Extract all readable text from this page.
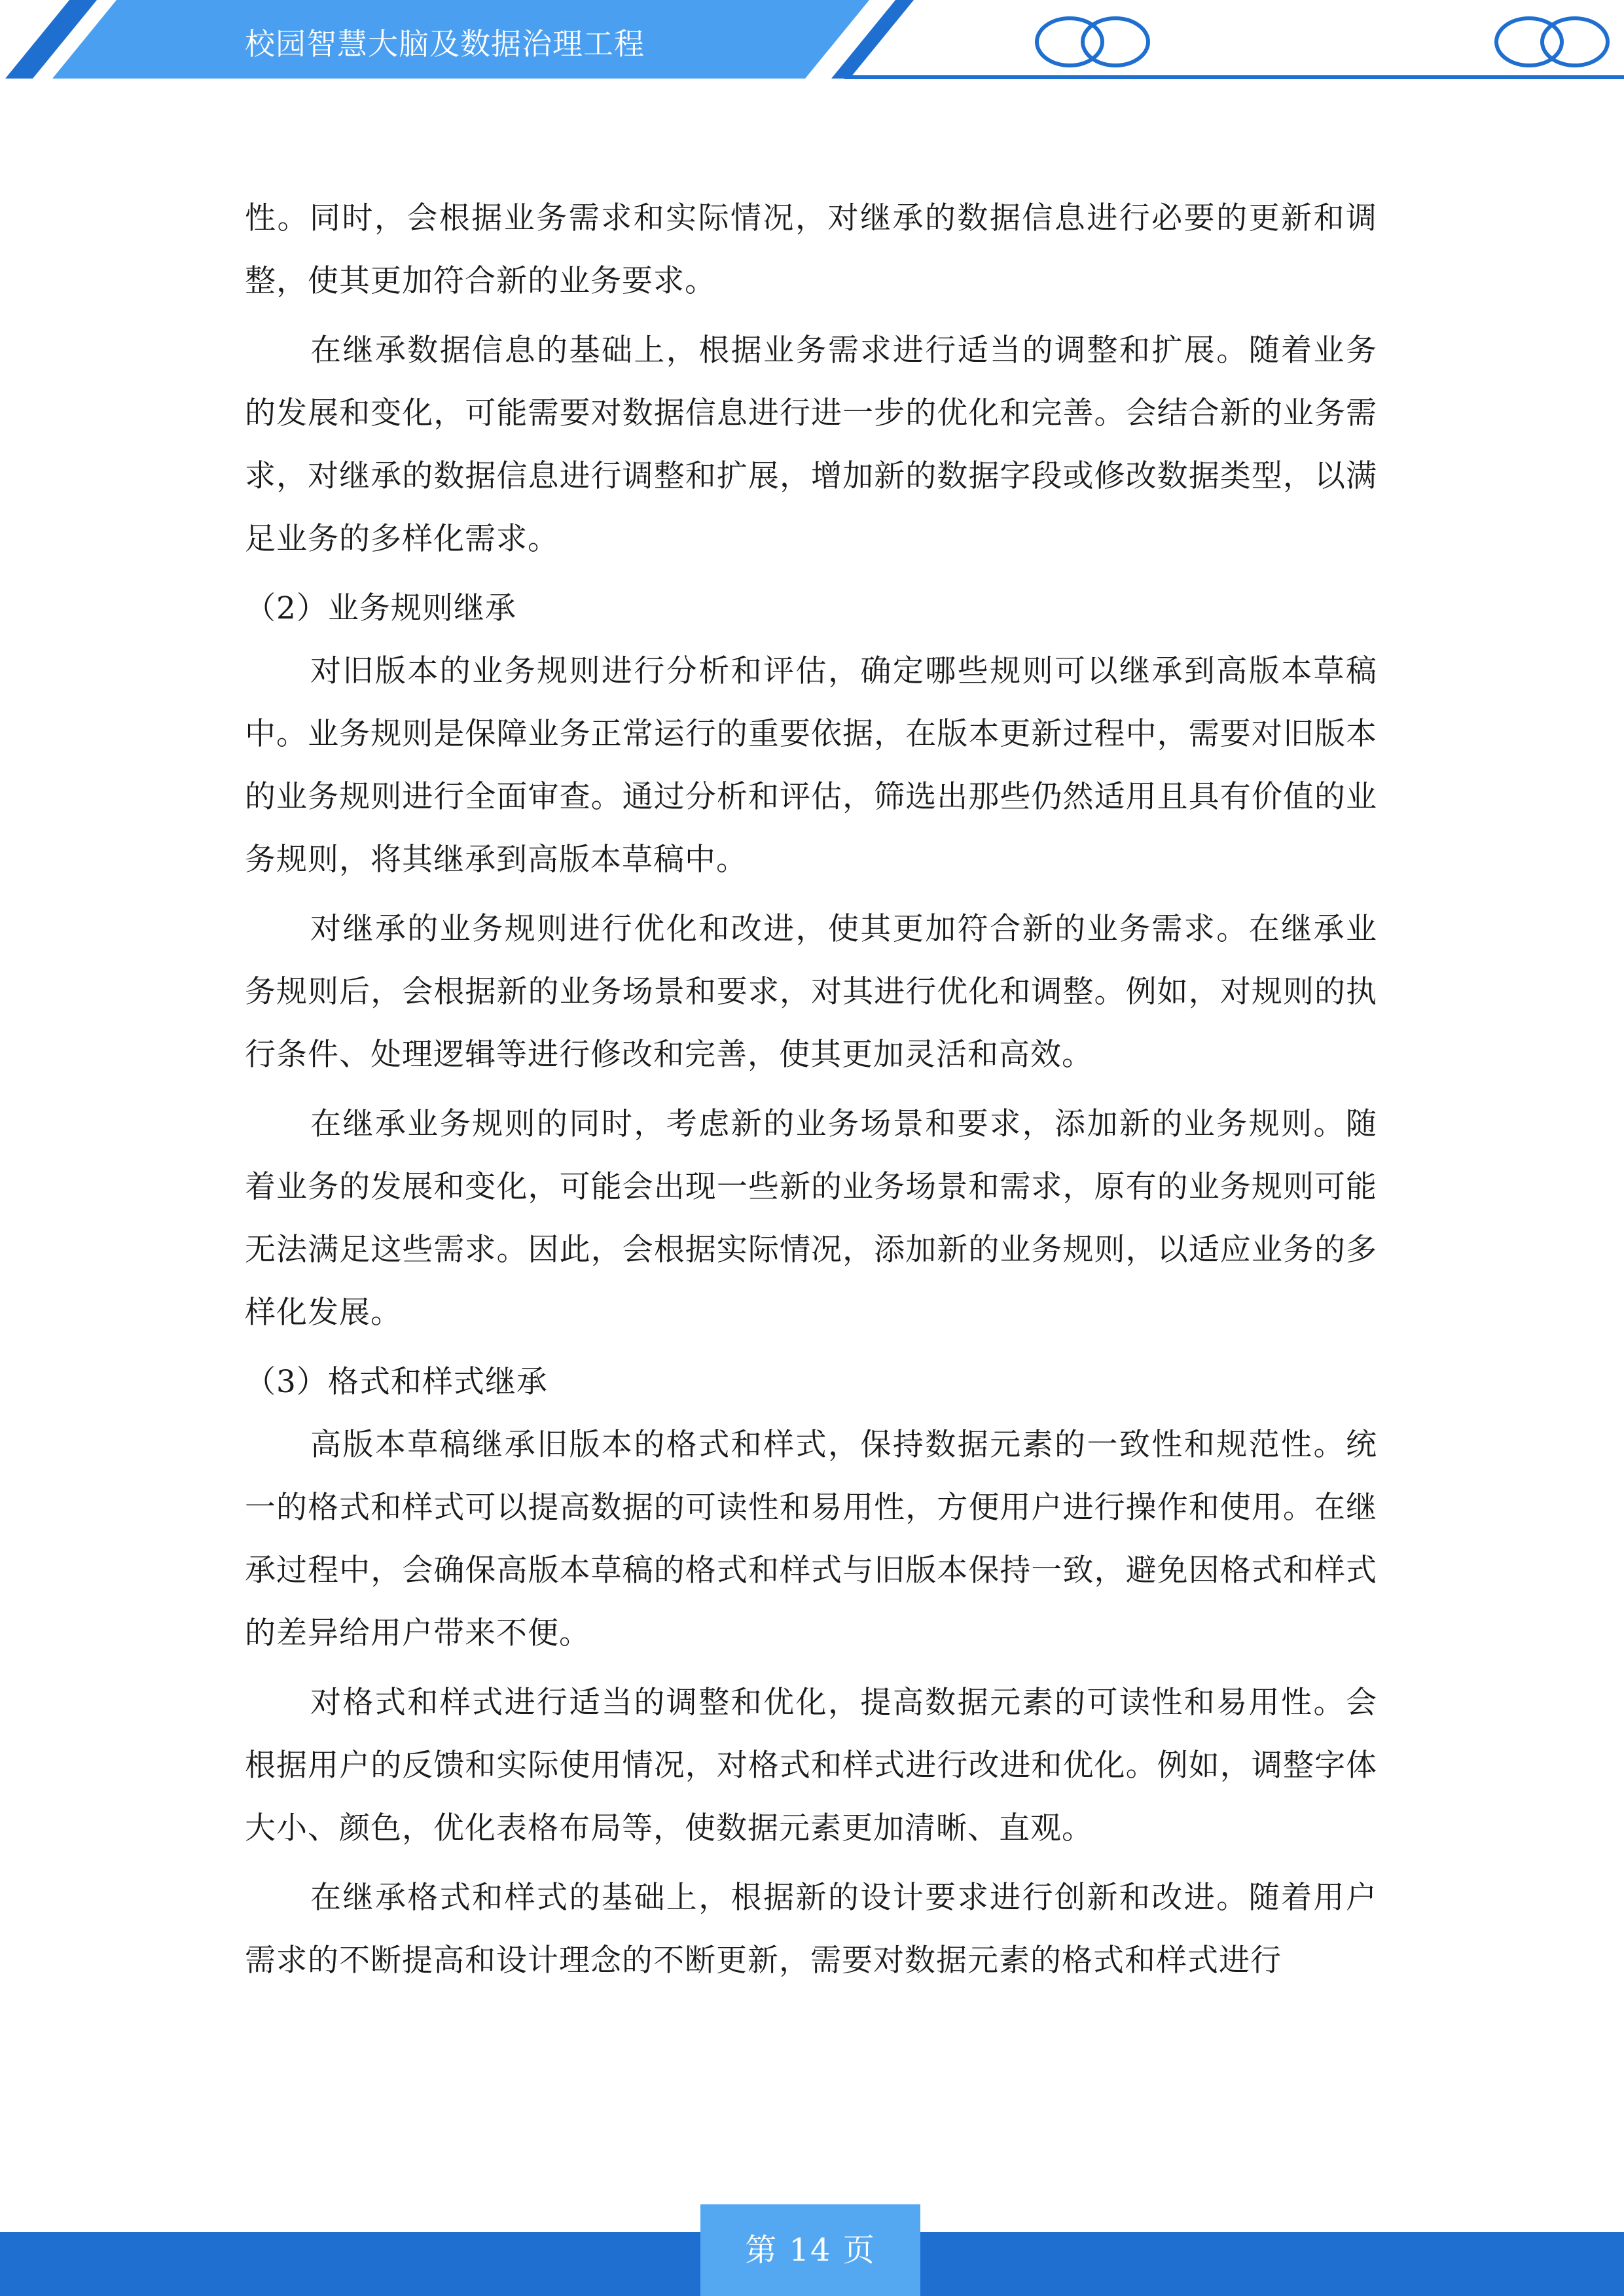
校园智慧大脑及数据治理工程

性。同时，会根据业务需求和实际情况，对继承的数据信息进行必要的更新和调整，使其更加符合新的业务要求。

在继承数据信息的基础上，根据业务需求进行适当的调整和扩展。随着业务的发展和变化，可能需要对数据信息进行进一步的优化和完善。会结合新的业务需求，对继承的数据信息进行调整和扩展，增加新的数据字段或修改数据类型，以满足业务的多样化需求。

（2）业务规则继承

对旧版本的业务规则进行分析和评估，确定哪些规则可以继承到高版本草稿中。业务规则是保障业务正常运行的重要依据，在版本更新过程中，需要对旧版本的业务规则进行全面审查。通过分析和评估，筛选出那些仍然适用且具有价值的业务规则，将其继承到高版本草稿中。

对继承的业务规则进行优化和改进，使其更加符合新的业务需求。在继承业务规则后，会根据新的业务场景和要求，对其进行优化和调整。例如，对规则的执行条件、处理逻辑等进行修改和完善，使其更加灵活和高效。

在继承业务规则的同时，考虑新的业务场景和要求，添加新的业务规则。随着业务的发展和变化，可能会出现一些新的业务场景和需求，原有的业务规则可能无法满足这些需求。因此，会根据实际情况，添加新的业务规则，以适应业务的多样化发展。

（3）格式和样式继承

高版本草稿继承旧版本的格式和样式，保持数据元素的一致性和规范性。统一的格式和样式可以提高数据的可读性和易用性，方便用户进行操作和使用。在继承过程中，会确保高版本草稿的格式和样式与旧版本保持一致，避免因格式和样式的差异给用户带来不便。

对格式和样式进行适当的调整和优化，提高数据元素的可读性和易用性。会根据用户的反馈和实际使用情况，对格式和样式进行改进和优化。例如，调整字体大小、颜色，优化表格布局等，使数据元素更加清晰、直观。

在继承格式和样式的基础上，根据新的设计要求进行创新和改进。随着用户需求的不断提高和设计理念的不断更新，需要对数据元素的格式和样式进行

第 14 页
